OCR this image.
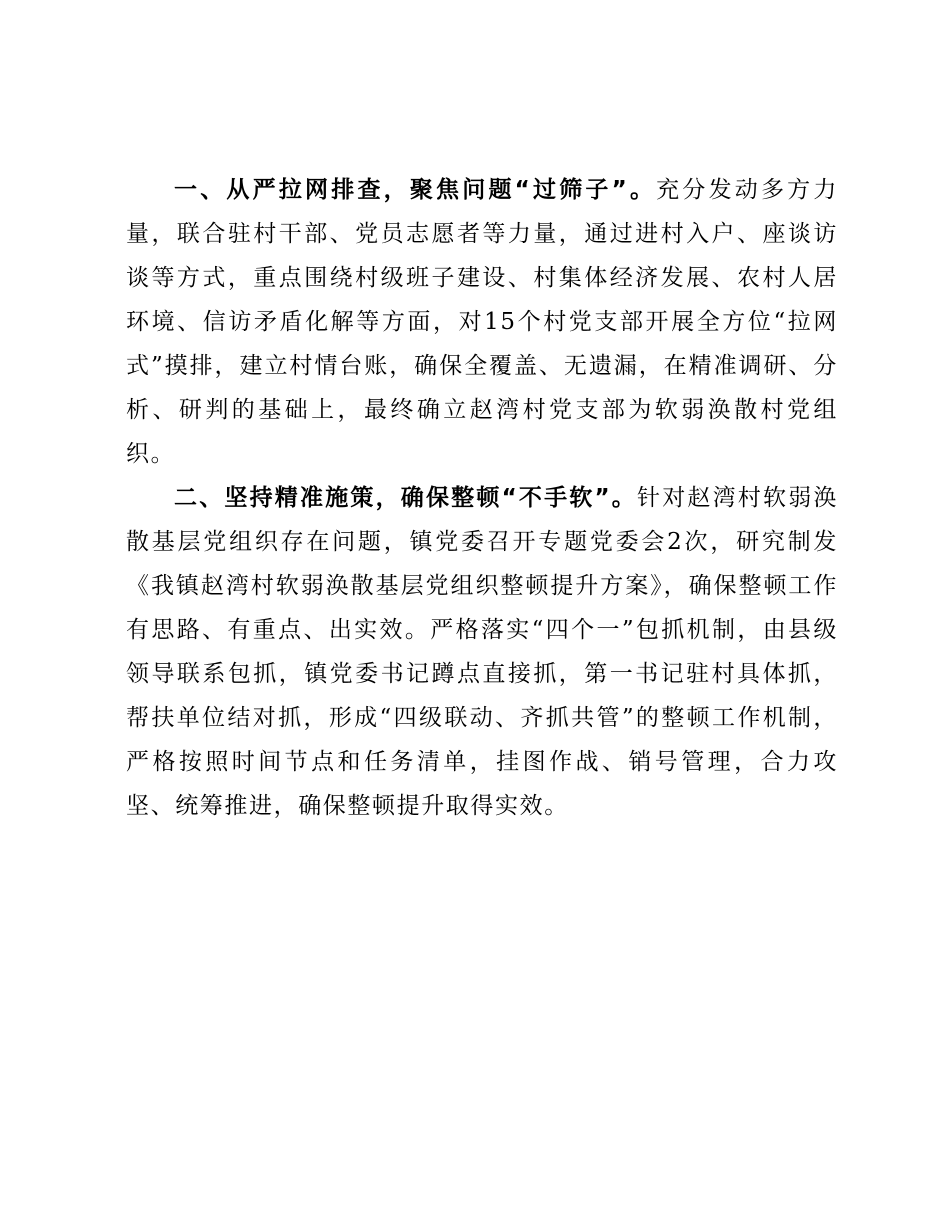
一、从严拉网排查，聚焦问题“过筛子”。充分发动多方力量，联合驻村干部、党员志愿者等力量，通过进村入户、座谈访谈等方式，重点围绕村级班子建设、村集体经济发展、农村人居环境、信访矛盾化解等方面，对15个村党支部开展全方位“拉网式”摸排，建立村情台账，确保全覆盖、无遗漏，在精准调研、分析、研判的基础上，最终确立赵湾村党支部为软弱涣散村党组织。

二、坚持精准施策，确保整顿“不手软”。针对赵湾村软弱涣散基层党组织存在问题，镇党委召开专题党委会2次，研究制发《我镇赵湾村软弱涣散基层党组织整顿提升方案》，确保整顿工作有思路、有重点、出实效。严格落实“四个一”包抓机制，由县级领导联系包抓，镇党委书记蹲点直接抓，第一书记驻村具体抓，帮扶单位结对抓，形成“四级联动、齐抓共管”的整顿工作机制，严格按照时间节点和任务清单，挂图作战、销号管理，合力攻坚、统筹推进，确保整顿提升取得实效。
